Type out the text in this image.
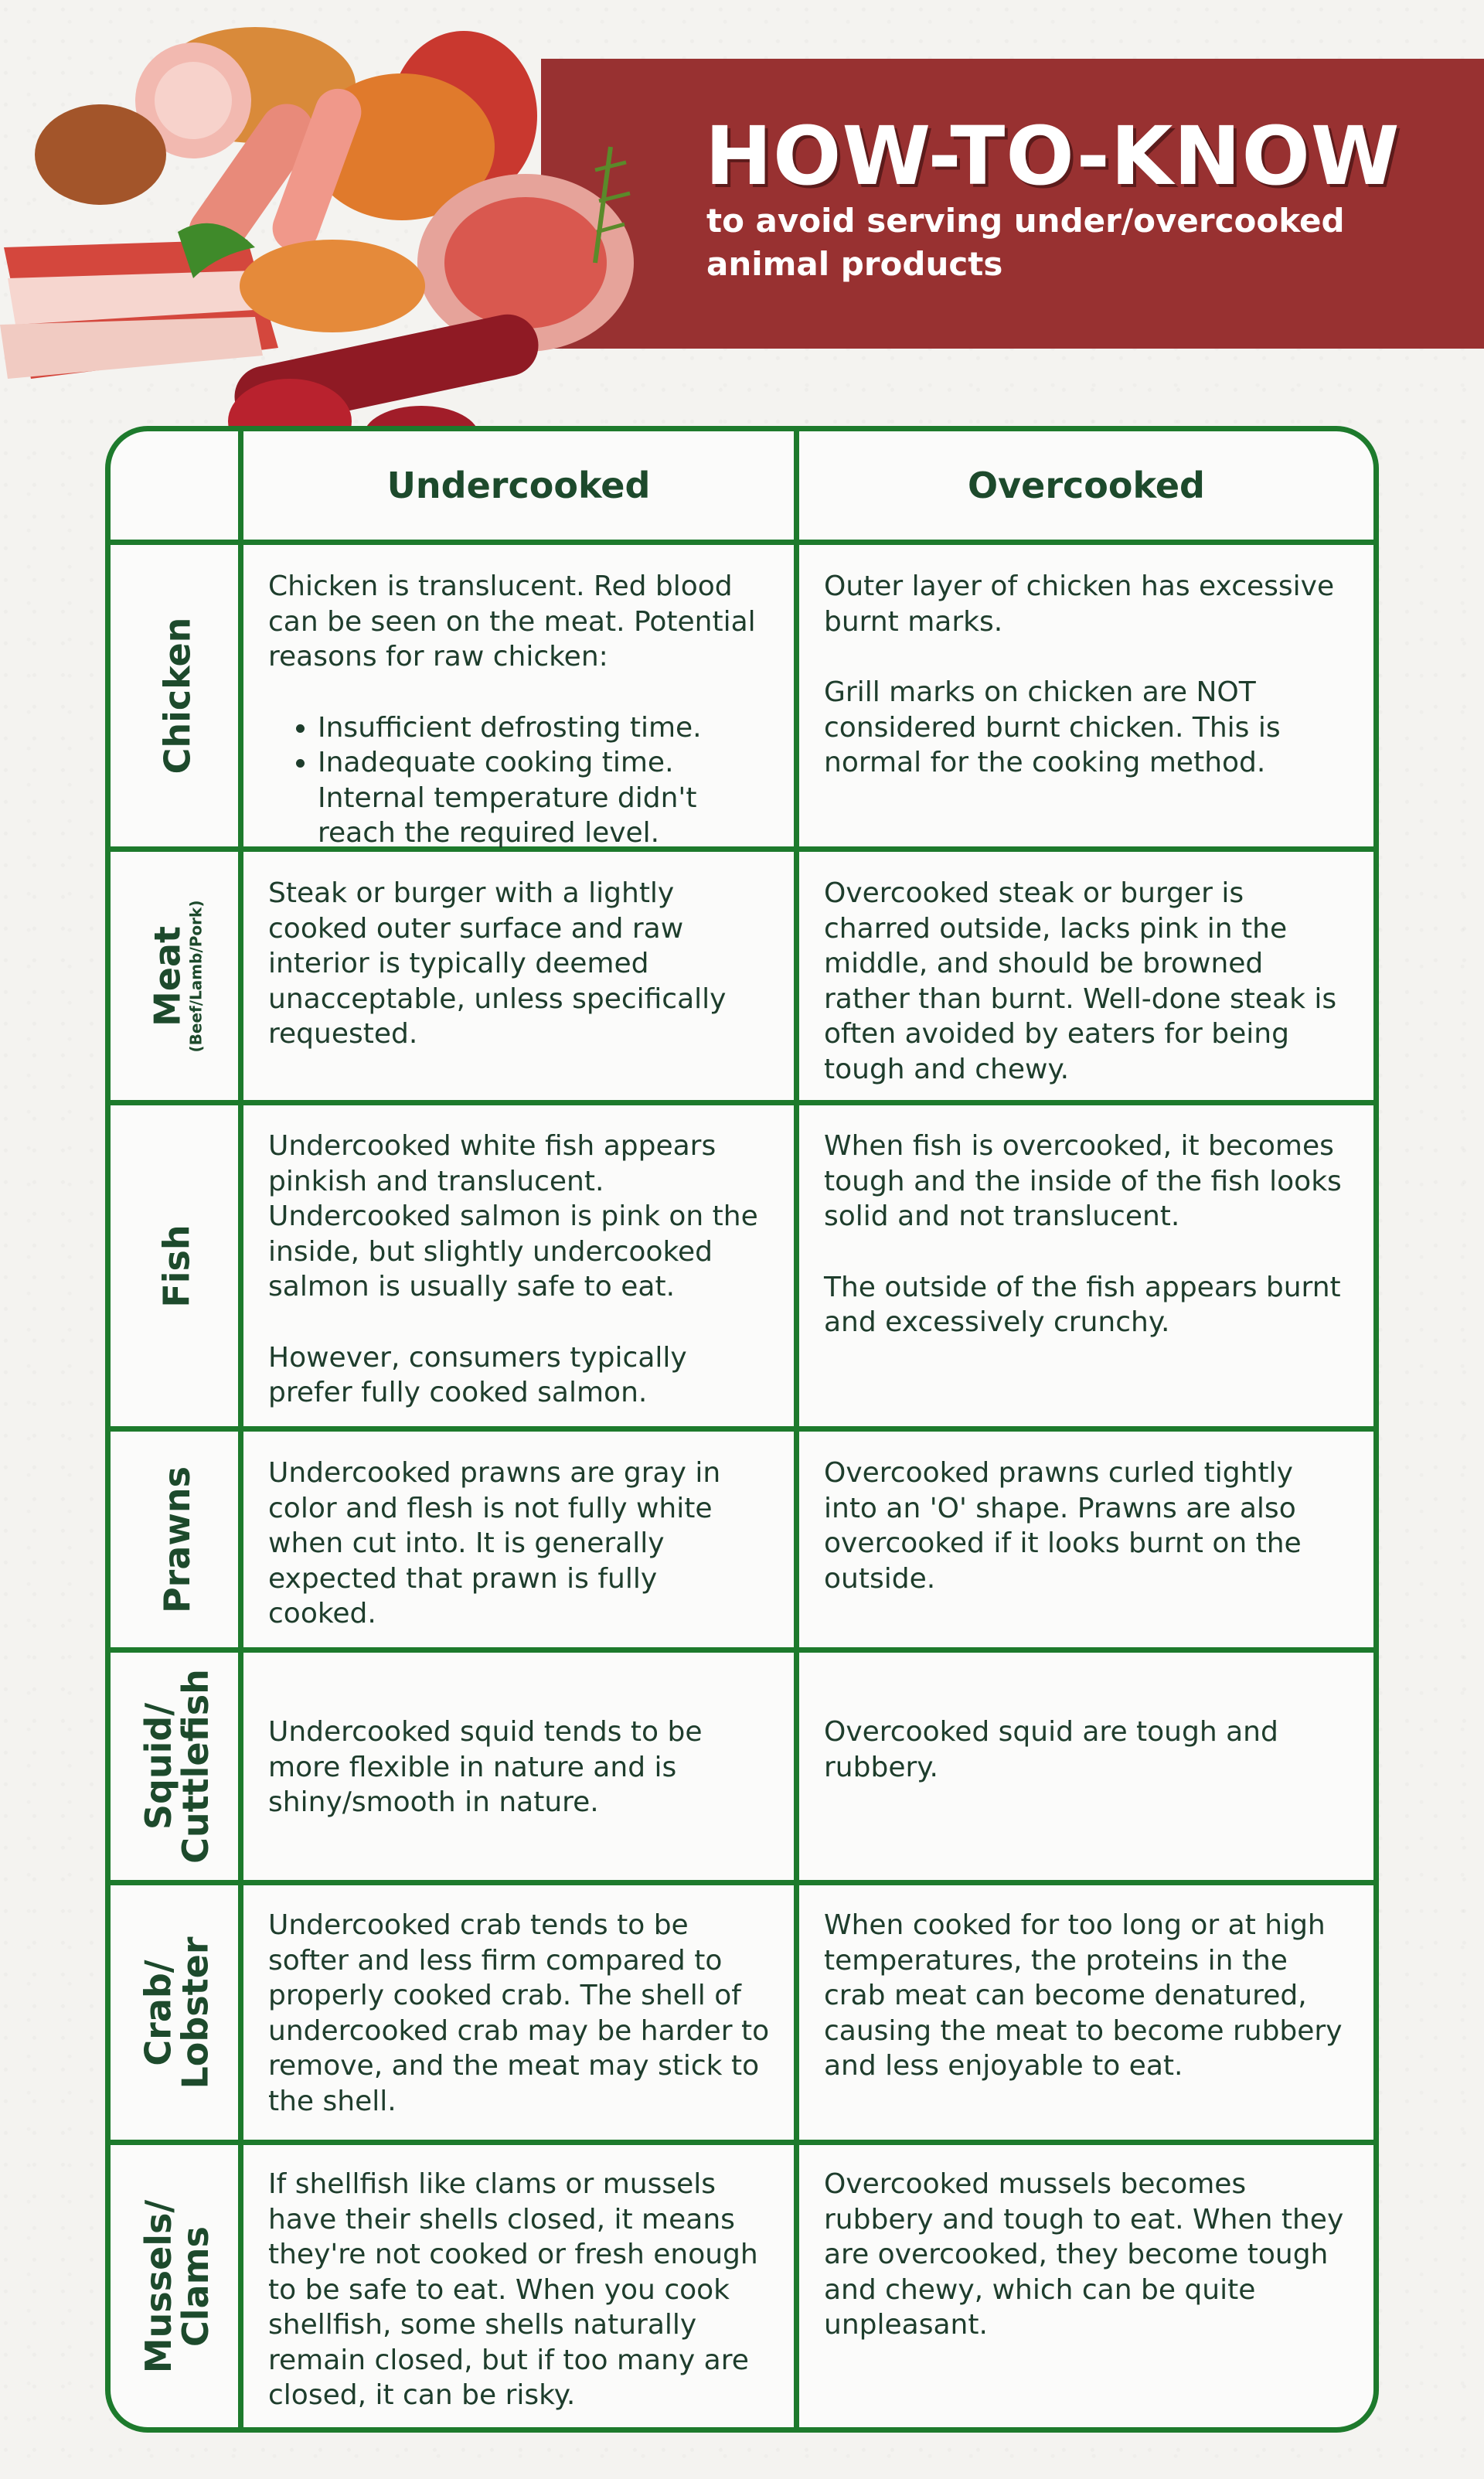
HOW-TO-KNOW
to avoid serving under/overcooked animal products
Undercooked	Overcooked
Chicken

Chicken is translucent. Red blood can be seen on the meat. Potential reasons for raw chicken:

• Insufficient defrosting time.
• Inadequate cooking time. Internal temperature didn't reach the required level.

Outer layer of chicken has excessive burnt marks.

Grill marks on chicken are NOT considered burnt chicken. This is normal for the cooking method.

Meat
(Beef/Lamb/Pork)

Steak or burger with a lightly cooked outer surface and raw interior is typically deemed unacceptable, unless specifically requested.

Overcooked steak or burger is charred outside, lacks pink in the middle, and should be browned rather than burnt. Well-done steak is often avoided by eaters for being tough and chewy.

Fish

Undercooked white fish appears pinkish and translucent. Undercooked salmon is pink on the inside, but slightly undercooked salmon is usually safe to eat.

However, consumers typically prefer fully cooked salmon.

When fish is overcooked, it becomes tough and the inside of the fish looks solid and not translucent.

The outside of the fish appears burnt and excessively crunchy.

Prawns	Undercooked prawns are gray in color and flesh is not fully white when cut into. It is generally expected that prawn is fully cooked.

Overcooked prawns curled tightly into an 'O' shape. Prawns are also overcooked if it looks burnt on the outside.

Squid/
Cuttlefish Undercooked squid tends to be more flexible in nature and is shiny/smooth in nature.

Overcooked squid are tough and rubbery.

Crab/
Lobster

Undercooked crab tends to be softer and less firm compared to properly cooked crab. The shell of undercooked crab may be harder to remove, and the meat may stick to the shell.

When cooked for too long or at high temperatures, the proteins in the crab meat can become denatured, causing the meat to become rubbery and less enjoyable to eat.

Mussels/
Clams

If shellfish like clams or mussels have their shells closed, it means they're not cooked or fresh enough to be safe to eat. When you cook shellfish, some shells naturally remain closed, but if too many are closed, it can be risky.

Overcooked mussels becomes rubbery and tough to eat. When they are overcooked, they become tough and chewy, which can be quite unpleasant.
